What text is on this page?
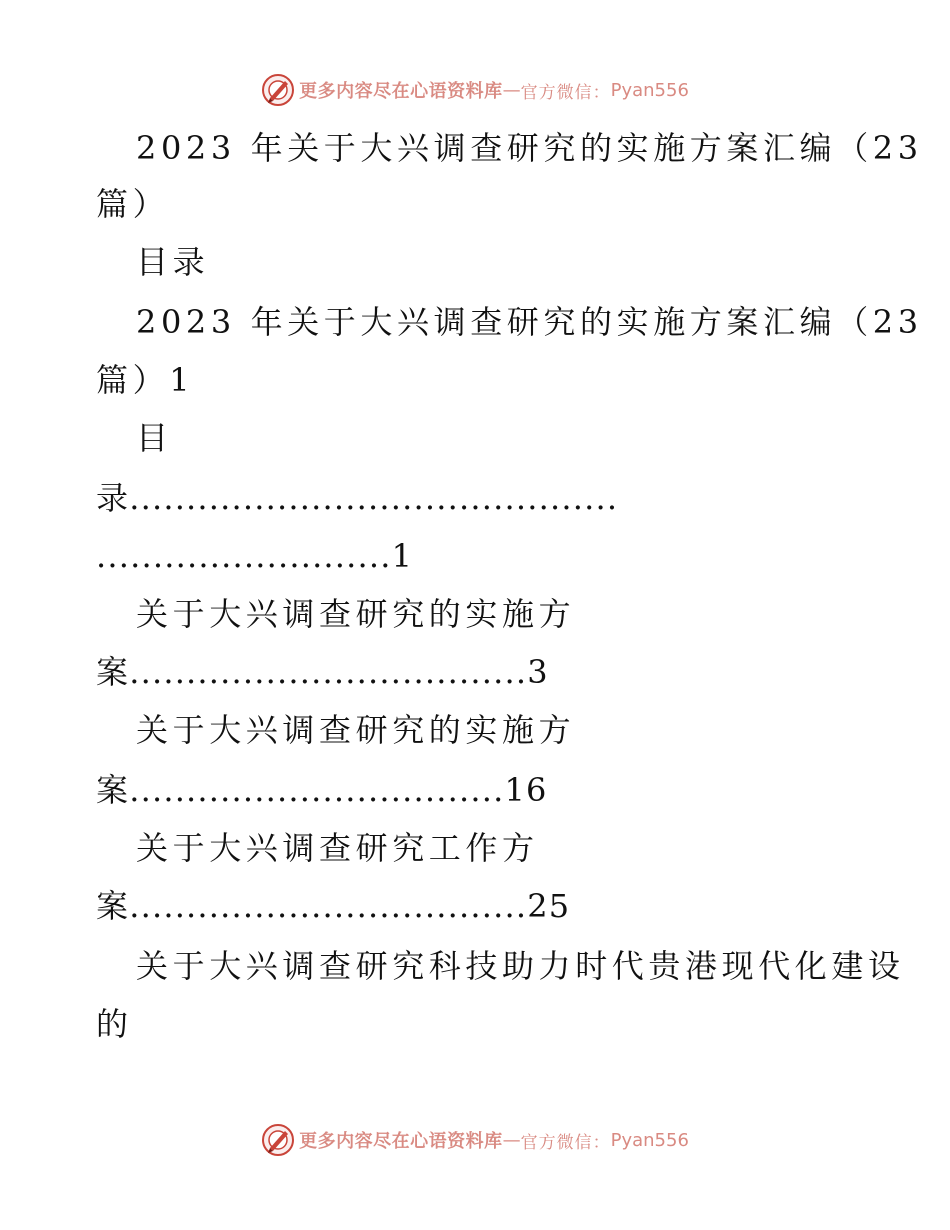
更多内容尽在心语资料库 — 官方微信： Pyan556
2023 年关于大兴调查研究的实施方案汇编（23
篇）
目录
2023 年关于大兴调查研究的实施方案汇编（23
篇）1
目
录...........................................
..........................1
关于大兴调查研究的实施方
案...................................3
关于大兴调查研究的实施方
案.................................16
关于大兴调查研究工作方
案...................................25
关于大兴调查研究科技助力时代贵港现代化建设
的
更多内容尽在心语资料库 — 官方微信： Pyan556
